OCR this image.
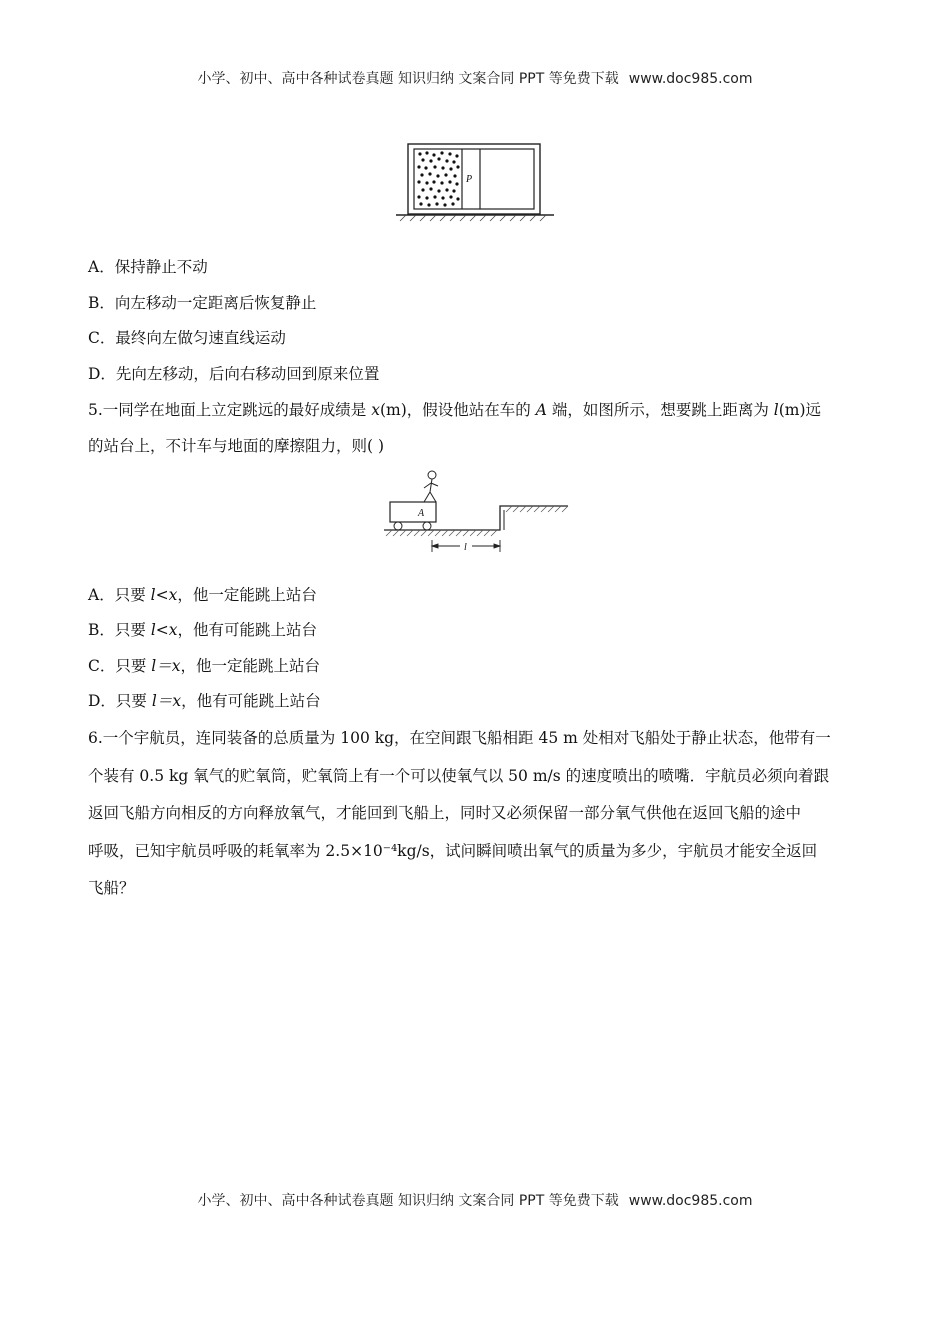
小学、初中、高中各种试卷真题 知识归纳 文案合同 PPT 等免费下载 www.doc985.com
P
A．保持静止不动
B．向左移动一定距离后恢复静止
C．最终向左做匀速直线运动
D．先向左移动，后向右移动回到原来位置
5.一同学在地面上立定跳远的最好成绩是 x(m)，假设他站在车的 A 端，如图所示，想要跳上距离为 l(m)远
的站台上，不计车与地面的摩擦阻力，则( )
A
l
A．只要 l<x，他一定能跳上站台
B．只要 l<x，他有可能跳上站台
C．只要 l＝x，他一定能跳上站台
D．只要 l＝x，他有可能跳上站台
6.一个宇航员，连同装备的总质量为 100 kg，在空间跟飞船相距 45 m 处相对飞船处于静止状态，他带有一
个装有 0.5 kg 氧气的贮氧筒，贮氧筒上有一个可以使氧气以 50 m/s 的速度喷出的喷嘴．宇航员必须向着跟
返回飞船方向相反的方向释放氧气，才能回到飞船上，同时又必须保留一部分氧气供他在返回飞船的途中
呼吸，已知宇航员呼吸的耗氧率为 2.5×10⁻⁴kg/s，试问瞬间喷出氧气的质量为多少，宇航员才能安全返回
飞船？
小学、初中、高中各种试卷真题 知识归纳 文案合同 PPT 等免费下载 www.doc985.com
